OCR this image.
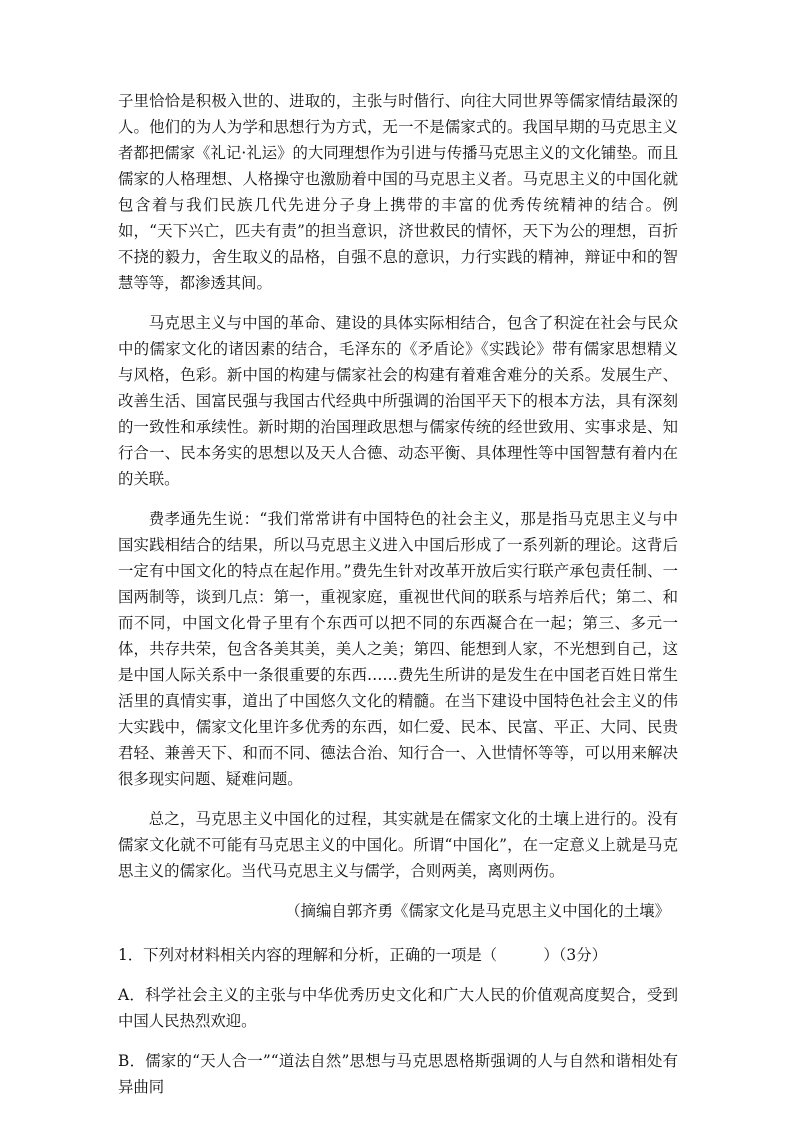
子里恰恰是积极入世的、进取的，主张与时偕行、向往大同世界等儒家情结最深的人。他们的为人为学和思想行为方式，无一不是儒家式的。我国早期的马克思主义者都把儒家《礼记·礼运》的大同理想作为引进与传播马克思主义的文化铺垫。而且儒家的人格理想、人格操守也激励着中国的马克思主义者。马克思主义的中国化就包含着与我们民族几代先进分子身上携带的丰富的优秀传统精神的结合。例如，“天下兴亡，匹夫有责”的担当意识，济世救民的情怀，天下为公的理想，百折不挠的毅力，舍生取义的品格，自强不息的意识，力行实践的精神，辩证中和的智慧等等，都渗透其间。

马克思主义与中国的革命、建设的具体实际相结合，包含了积淀在社会与民众中的儒家文化的诸因素的结合，毛泽东的《矛盾论》《实践论》带有儒家思想精义与风格，色彩。新中国的构建与儒家社会的构建有着难舍难分的关系。发展生产、改善生活、国富民强与我国古代经典中所强调的治国平天下的根本方法，具有深刻的一致性和承续性。新时期的治国理政思想与儒家传统的经世致用、实事求是、知行合一、民本务实的思想以及天人合德、动态平衡、具体理性等中国智慧有着内在的关联。

费孝通先生说：“我们常常讲有中国特色的社会主义，那是指马克思主义与中国实践相结合的结果，所以马克思主义进入中国后形成了一系列新的理论。这背后一定有中国文化的特点在起作用。”费先生针对改革开放后实行联产承包责任制、一国两制等，谈到几点：第一，重视家庭，重视世代间的联系与培养后代；第二、和而不同，中国文化骨子里有个东西可以把不同的东西凝合在一起；第三、多元一体，共存共荣，包含各美其美，美人之美；第四、能想到人家，不光想到自己，这是中国人际关系中一条很重要的东西……费先生所讲的是发生在中国老百姓日常生活里的真情实事，道出了中国悠久文化的精髓。在当下建设中国特色社会主义的伟大实践中，儒家文化里许多优秀的东西，如仁爱、民本、民富、平正、大同、民贵君轻、兼善天下、和而不同、德法合治、知行合一、入世情怀等等，可以用来解决很多现实问题、疑难问题。

总之，马克思主义中国化的过程，其实就是在儒家文化的土壤上进行的。没有儒家文化就不可能有马克思主义的中国化。所谓“中国化”，在一定意义上就是马克思主义的儒家化。当代马克思主义与儒学，合则两美，离则两伤。

（摘编自郭齐勇《儒家文化是马克思主义中国化的土壤》

1．下列对材料相关内容的理解和分析，正确的一项是（　　　）（3分）

A．科学社会主义的主张与中华优秀历史文化和广大人民的价值观高度契合，受到中国人民热烈欢迎。

B．儒家的“天人合一”“道法自然”思想与马克思恩格斯强调的人与自然和谐相处有异曲同
